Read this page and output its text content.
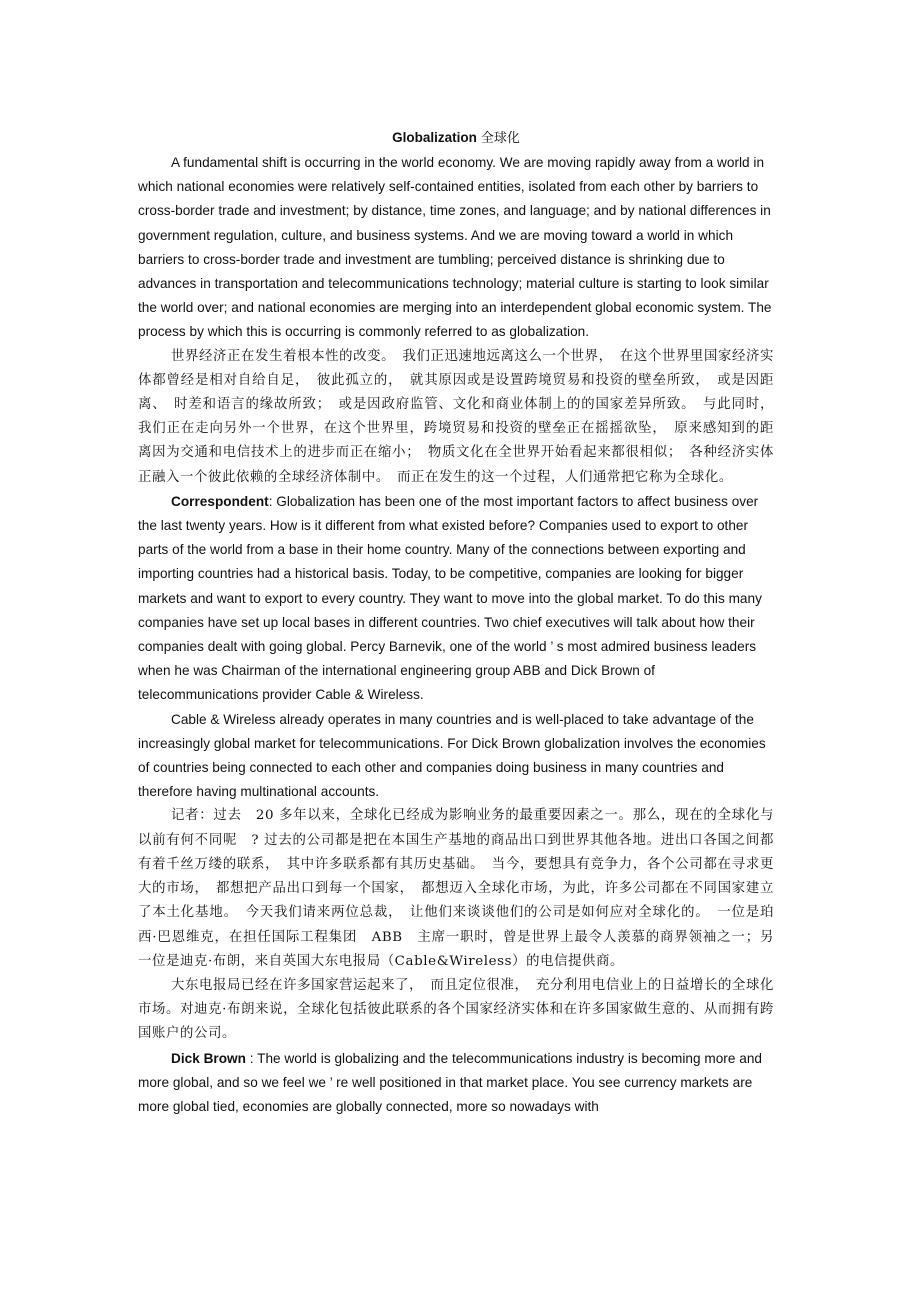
Globalization 全球化

A fundamental shift is occurring in the world economy. We are moving rapidly away from a world in which national economies were relatively self-contained entities, isolated from each other by barriers to cross-border trade and investment; by distance, time zones, and language; and by national differences in government regulation, culture, and business systems. And we are moving toward a world in which barriers to cross-border trade and investment are tumbling; perceived distance is shrinking due to advances in transportation and telecommunications technology; material culture is starting to look similar the world over; and national economies are merging into an interdependent global economic system. The process by which this is occurring is commonly referred to as globalization.

世界经济正在发生着根本性的改变。　我们正迅速地远离这么一个世界，　在这个世界里国家经济实体都曾经是相对自给自足，　彼此孤立的，　就其原因或是设置跨境贸易和投资的壁垒所致，　或是因距离、　时差和语言的缘故所致；　或是因政府监管、文化和商业体制上的的国家差异所致。　与此同时，我们正在走向另外一个世界，在这个世界里，跨境贸易和投资的壁垒正在摇摇欲坠，　原来感知到的距离因为交通和电信技术上的进步而正在缩小；　物质文化在全世界开始看起来都很相似；　各种经济实体正融入一个彼此依赖的全球经济体制中。　而正在发生的这一个过程，人们通常把它称为全球化。

Correspondent: Globalization has been one of the most important factors to affect business over the last twenty years. How is it different from what existed before? Companies used to export to other parts of the world from a base in their home country. Many of the connections between exporting and importing countries had a historical basis. Today, to be competitive, companies are looking for bigger markets and want to export to every country. They want to move into the global market. To do this many companies have set up local bases in different countries. Two chief executives will talk about how their companies dealt with going global. Percy Barnevik, one of the world ’ s most admired business leaders when he was Chairman of the international engineering group ABB and Dick Brown of telecommunications provider Cable & Wireless.

Cable & Wireless already operates in many countries and is well-placed to take advantage of the increasingly global market for telecommunications. For Dick Brown globalization involves the economies of countries being connected to each other and companies doing business in many countries and therefore having multinational accounts.

记者：过去　20 多年以来，全球化已经成为影响业务的最重要因素之一。那么，现在的全球化与以前有何不同呢　? 过去的公司都是把在本国生产基地的商品出口到世界其他各地。进出口各国之间都有着千丝万缕的联系，　其中许多联系都有其历史基础。　当今，要想具有竞争力，各个公司都在寻求更大的市场，　都想把产品出口到每一个国家，　都想迈入全球化市场，为此，许多公司都在不同国家建立了本土化基地。　今天我们请来两位总裁，　让他们来谈谈他们的公司是如何应对全球化的。　一位是珀西·巴恩维克，在担任国际工程集团　ABB　主席一职时，曾是世界上最令人羡慕的商界领袖之一；另一位是迪克·布朗，来自英国大东电报局（Cable&Wireless）的电信提供商。

大东电报局已经在许多国家营运起来了，　而且定位很准，　充分利用电信业上的日益增长的全球化市场。对迪克·布朗来说，全球化包括彼此联系的各个国家经济实体和在许多国家做生意的、从而拥有跨国账户的公司。

Dick Brown : The world is globalizing and the telecommunications industry is becoming more and more global, and so we feel we ’ re well positioned in that market place. You see currency markets are more global tied, economies are globally connected, more so nowadays with
